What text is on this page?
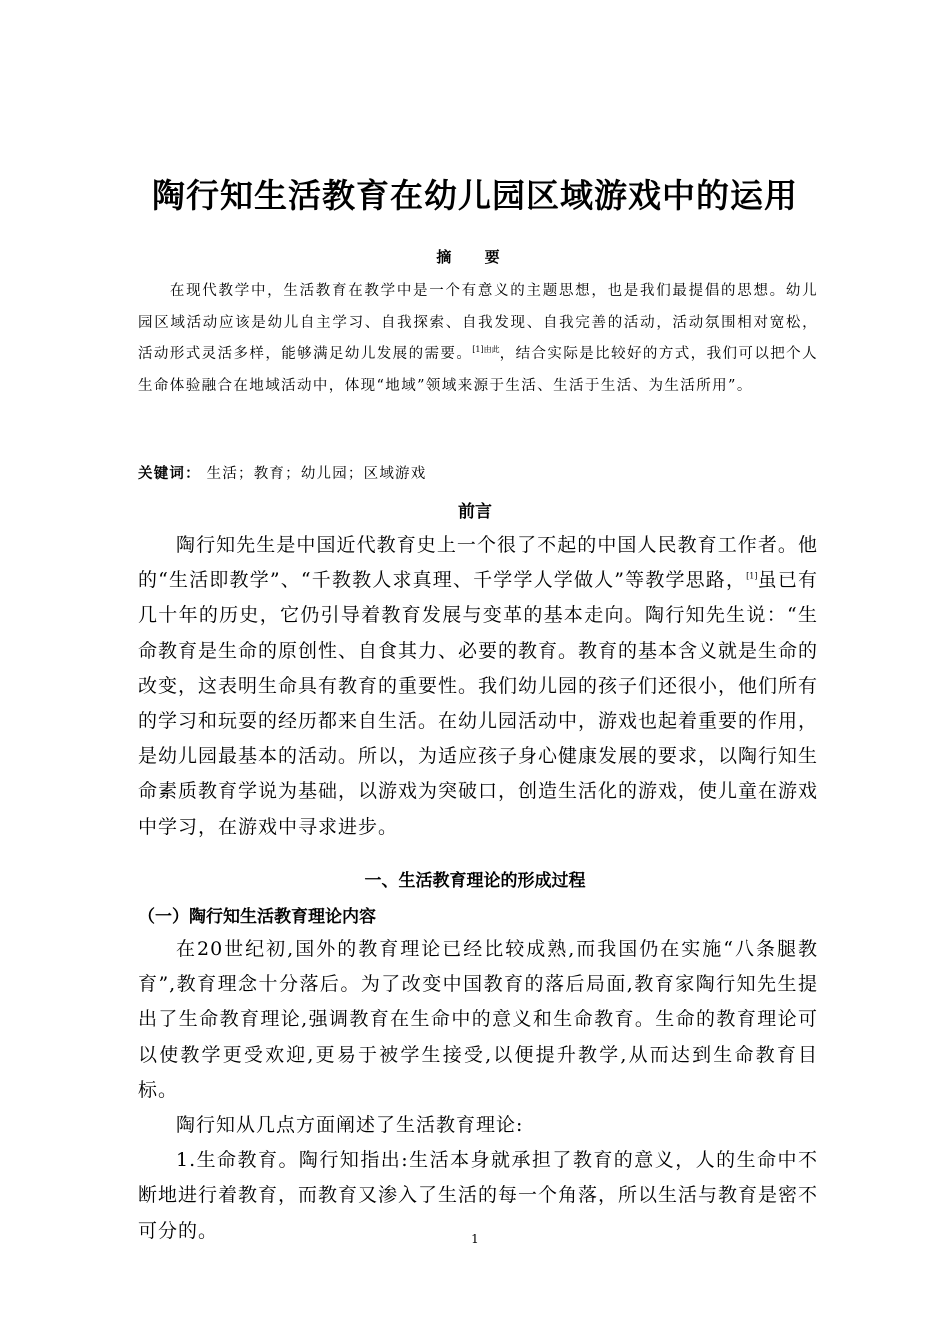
陶行知生活教育在幼儿园区域游戏中的运用
摘 要

在现代教学中，生活教育在教学中是一个有意义的主题思想，也是我们最提倡的思想。幼儿园区域活动应该是幼儿自主学习、自我探索、自我发现、自我完善的活动，活动氛围相对宽松，活动形式灵活多样，能够满足幼儿发展的需要。$^{[1]由此}$，结合实际是比较好的方式，我们可以把个人生命体验融合在地域活动中，体现“地域”领域来源于生活、生活于生活、为生活所用”。

关键词： 生活；教育；幼儿园；区域游戏
前言

陶行知先生是中国近代教育史上一个很了不起的中国人民教育工作者。他的“生活即教学”、“千教教人求真理、千学学人学做人”等教学思路，[1]虽已有几十年的历史，它仍引导着教育发展与变革的基本走向。陶行知先生说：“生命教育是生命的原创性、自食其力、必要的教育。教育的基本含义就是生命的改变，这表明生命具有教育的重要性。我们幼儿园的孩子们还很小，他们所有的学习和玩耍的经历都来自生活。在幼儿园活动中，游戏也起着重要的作用，是幼儿园最基本的活动。所以，为适应孩子身心健康发展的要求，以陶行知生命素质教育学说为基础，以游戏为突破口，创造生活化的游戏，使儿童在游戏中学习，在游戏中寻求进步。

一、生活教育理论的形成过程
（一）陶行知生活教育理论内容

在20世纪初,国外的教育理论已经比较成熟,而我国仍在实施“八条腿教育”,教育理念十分落后。为了改变中国教育的落后局面,教育家陶行知先生提出了生命教育理论,强调教育在生命中的意义和生命教育。生命的教育理论可以使教学更受欢迎,更易于被学生接受,以便提升教学,从而达到生命教育目标。

陶行知从几点方面阐述了生活教育理论:

1.生命教育。陶行知指出:生活本身就承担了教育的意义，人的生命中不断地进行着教育，而教育又渗入了生活的每一个角落，所以生活与教育是密不可分的。	1
